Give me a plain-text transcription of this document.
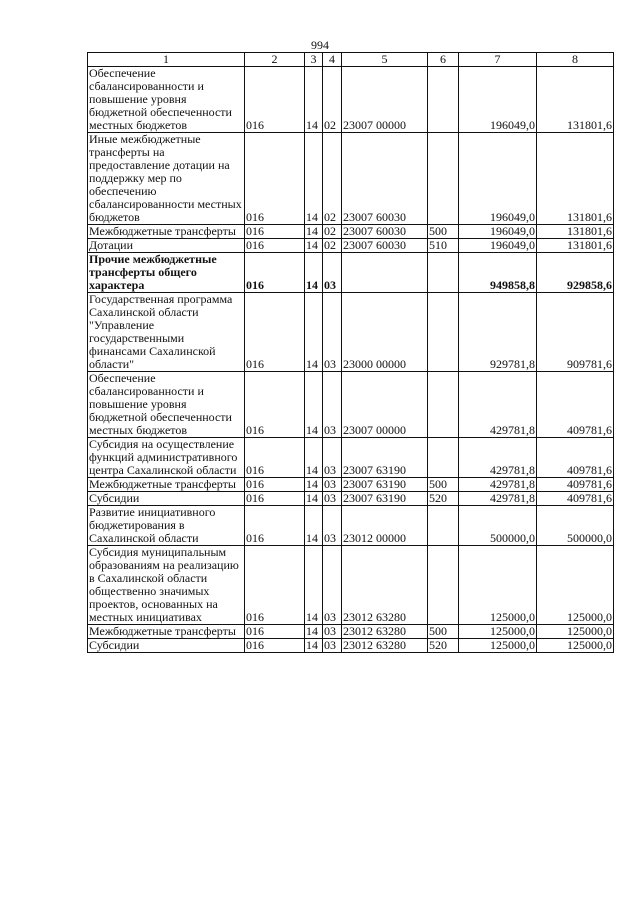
994
1	2	3	4	5	6	7	8
Обеспечение сбалансированности и повышение уровня бюджетной обеспеченности местных бюджетов	016	14	02	23007 00000		196049,0	131801,6
Иные межбюджетные трансферты на предоставление дотации на поддержку мер по обеспечению сбалансированности местных бюджетов	016	14	02	23007 60030		196049,0	131801,6
Межбюджетные трансферты	016	14	02	23007 60030	500	196049,0	131801,6
Дотации	016	14	02	23007 60030	510	196049,0	131801,6
Прочие межбюджетные трансферты общего характера	016	14	03			949858,8	929858,6
Государственная программа Сахалинской области "Управление государственными финансами Сахалинской области"	016	14	03	23000 00000		929781,8	909781,6
Обеспечение сбалансированности и повышение уровня бюджетной обеспеченности местных бюджетов	016	14	03	23007 00000		429781,8	409781,6
Субсидия на осуществление функций административного центра Сахалинской области	016	14	03	23007 63190		429781,8	409781,6
Межбюджетные трансферты	016	14	03	23007 63190	500	429781,8	409781,6
Субсидии	016	14	03	23007 63190	520	429781,8	409781,6
Развитие инициативного бюджетирования в Сахалинской области	016	14	03	23012 00000		500000,0	500000,0
Субсидия муниципальным образованиям на реализацию в Сахалинской области общественно значимых проектов, основанных на местных инициативах	016	14	03	23012 63280		125000,0	125000,0
Межбюджетные трансферты	016	14	03	23012 63280	500	125000,0	125000,0
Субсидии	016	14	03	23012 63280	520	125000,0	125000,0
